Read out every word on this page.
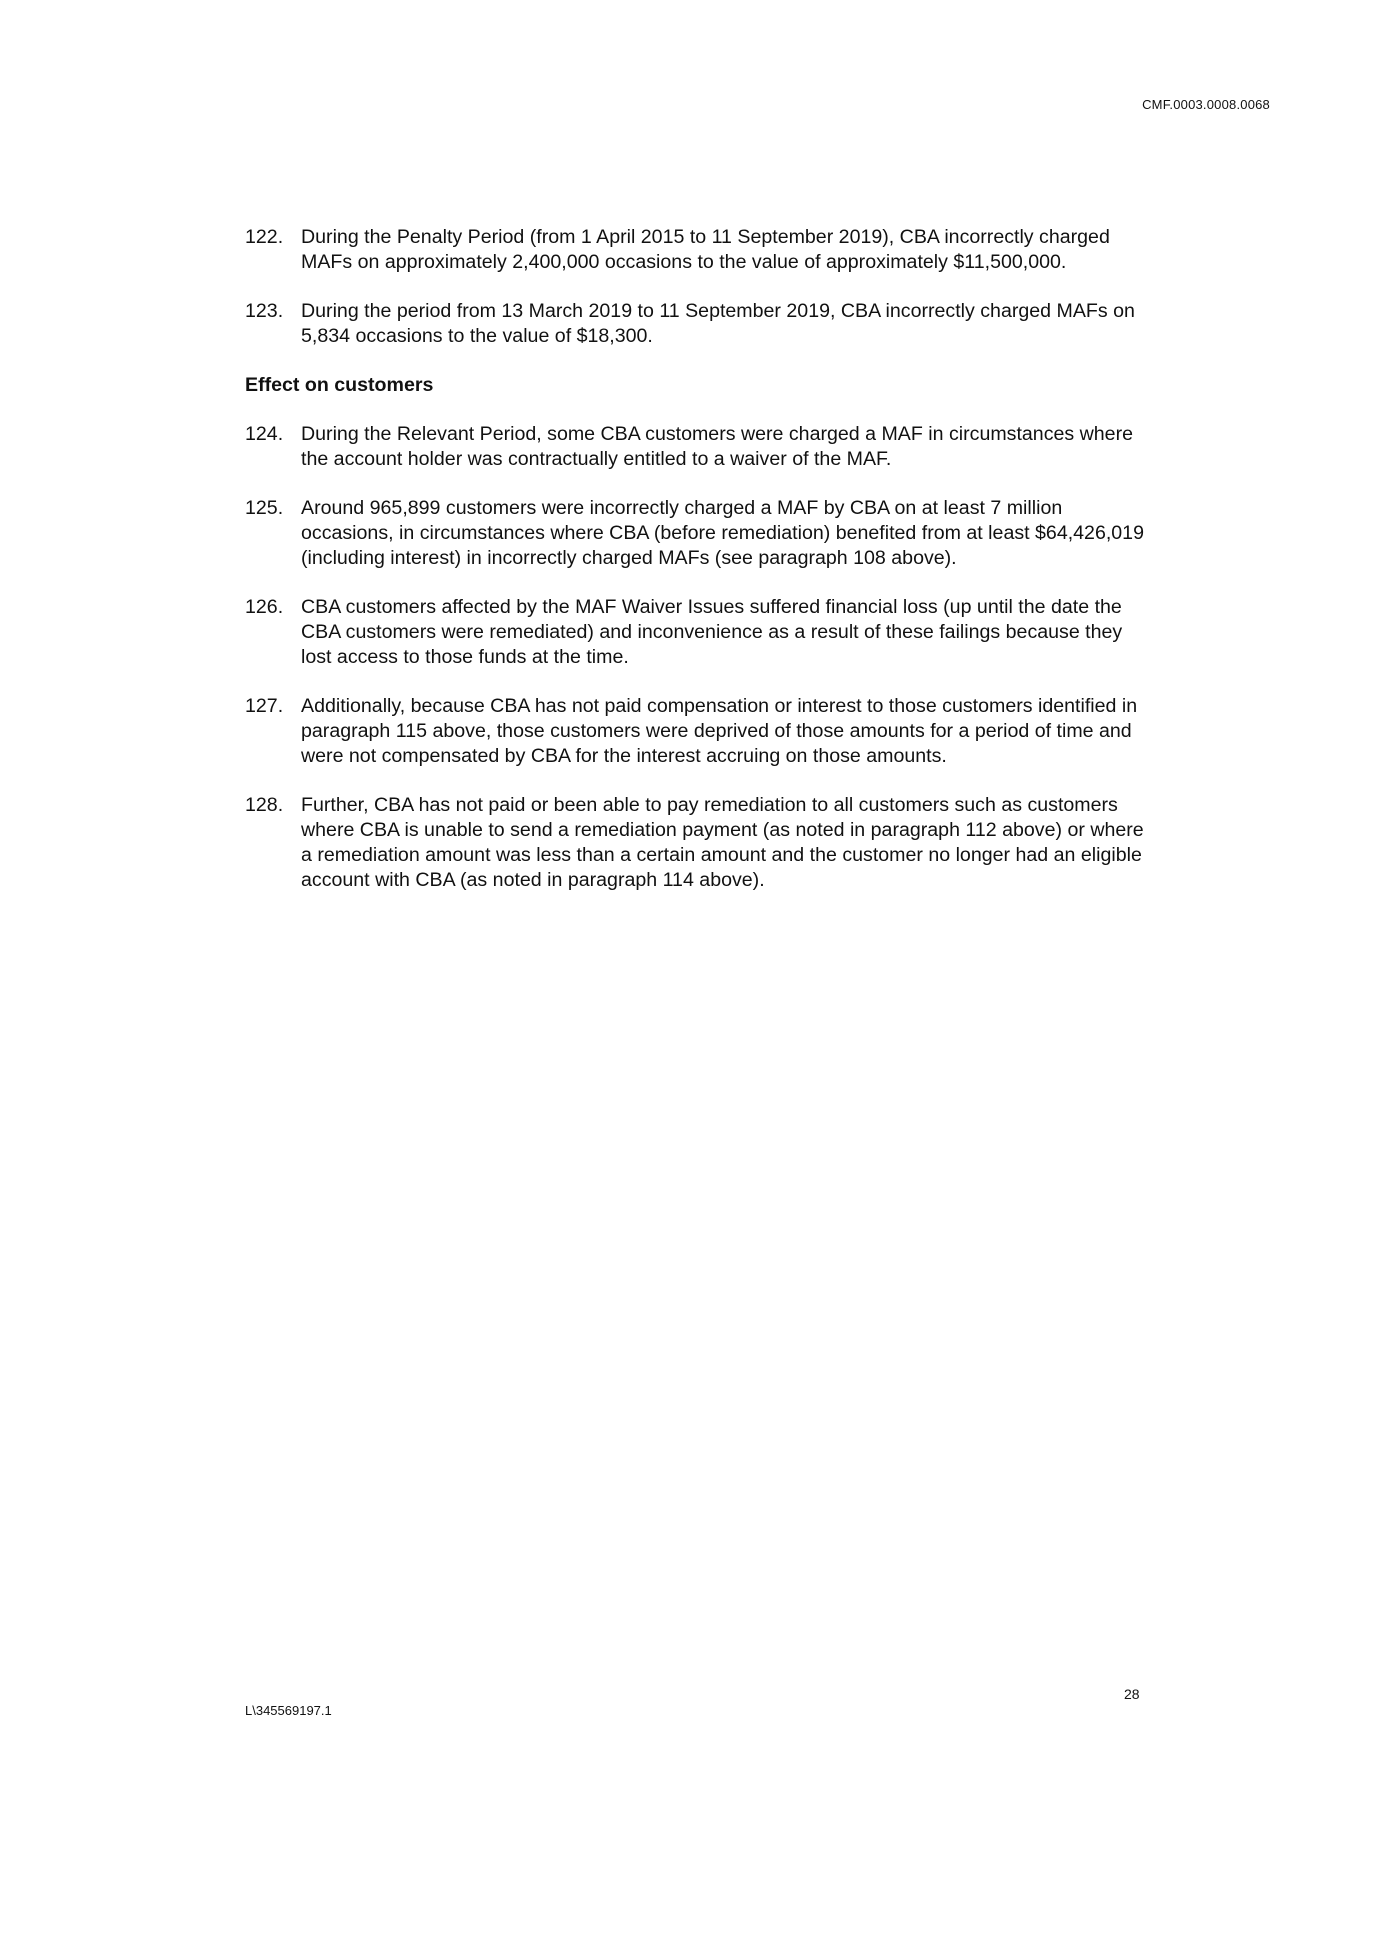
CMF.0003.0008.0068
122. During the Penalty Period (from 1 April 2015 to 11 September 2019), CBA incorrectly charged MAFs on approximately 2,400,000 occasions to the value of approximately $11,500,000.
123. During the period from 13 March 2019 to 11 September 2019, CBA incorrectly charged MAFs on 5,834 occasions to the value of $18,300.
Effect on customers
124. During the Relevant Period, some CBA customers were charged a MAF in circumstances where the account holder was contractually entitled to a waiver of the MAF.
125. Around 965,899 customers were incorrectly charged a MAF by CBA on at least 7 million occasions, in circumstances where CBA (before remediation) benefited from at least $64,426,019 (including interest) in incorrectly charged MAFs (see paragraph 108 above).
126. CBA customers affected by the MAF Waiver Issues suffered financial loss (up until the date the CBA customers were remediated) and inconvenience as a result of these failings because they lost access to those funds at the time.
127. Additionally, because CBA has not paid compensation or interest to those customers identified in paragraph 115 above, those customers were deprived of those amounts for a period of time and were not compensated by CBA for the interest accruing on those amounts.
128. Further, CBA has not paid or been able to pay remediation to all customers such as customers where CBA is unable to send a remediation payment (as noted in paragraph 112 above) or where a remediation amount was less than a certain amount and the customer no longer had an eligible account with CBA (as noted in paragraph 114 above).
28
L\345569197.1
